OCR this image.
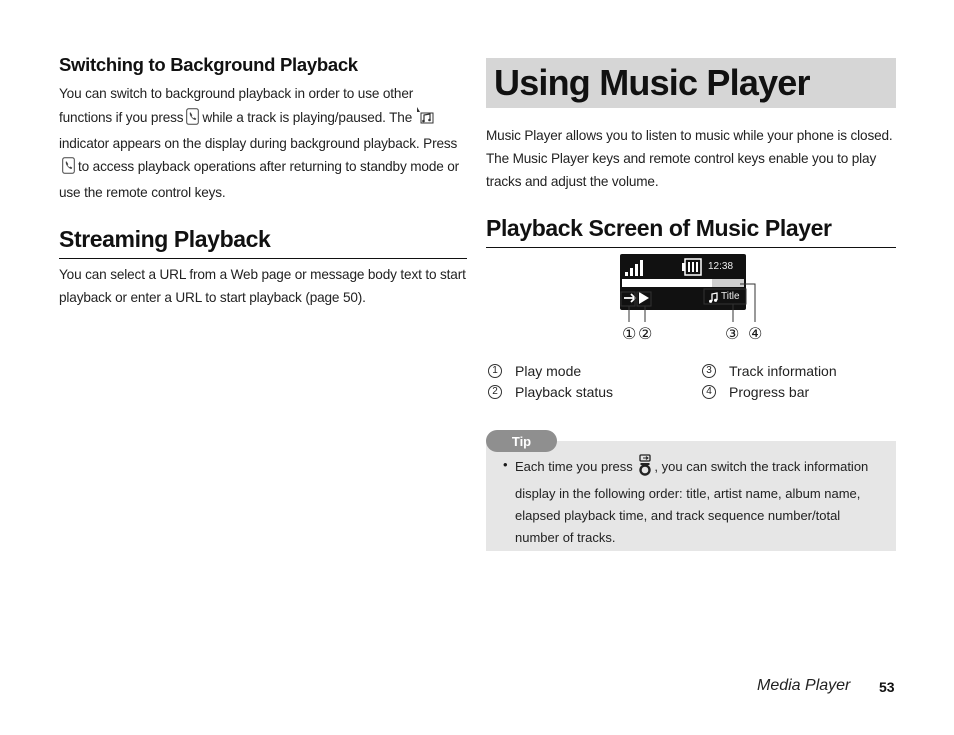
Switching to Background Playback

You can switch to background playback in order to use other functions if you press while a track is playing/paused. Theindicator appears on the display during background playback. Press to access playback operations after returning to standby mode or use the remote control keys.

Streaming Playback

You can select a URL from a Web page or message body text to start playback or enter a URL to start playback (page 50).

Using Music Player

Music Player allows you to listen to music while your phone is closed. The Music Player keys and remote control keys enable you to play tracks and adjust the volume.

Playback Screen of Music Player
12:38
Title
① ②	③ ④
1	Play mode
2	Playback status
3	Track information
4	Progress bar
Tip
• Each time you press , you can switch the track information display in the following order: title, artist name, album name, elapsed playback time, and track sequence number/total number of tracks.
Media Player 53
